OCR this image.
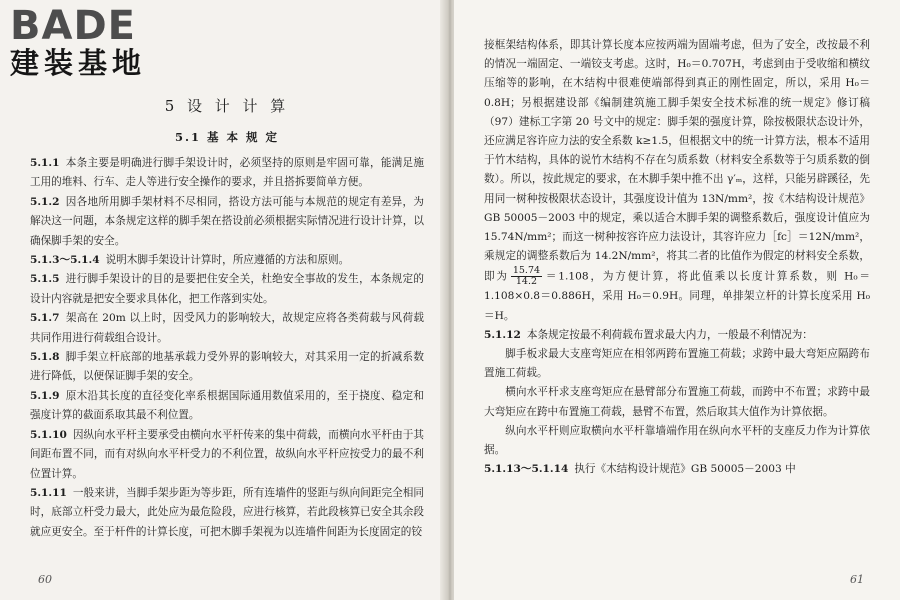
BADE
建装基地
5 设 计 计 算
5.1 基 本 规 定

5.1.1 本条主要是明确进行脚手架设计时，必须坚持的原则是牢固可靠，能满足施工用的堆料、行车、走人等进行安全操作的要求，并且搭拆要简单方便。

5.1.2 因各地所用脚手架材料不尽相同，搭设方法可能与本规范的规定有差异，为解决这一问题，本条规定这样的脚手架在搭设前必须根据实际情况进行设计计算，以确保脚手架的安全。

5.1.3～5.1.4 说明木脚手架设计计算时，所应遵循的方法和原则。

5.1.5 进行脚手架设计的目的是要把住安全关，杜绝安全事故的发生，本条规定的设计内容就是把安全要求具体化，把工作落到实处。

5.1.7 架高在 20m 以上时，因受风力的影响较大，故规定应将各类荷载与风荷载共同作用进行荷载组合设计。

5.1.8 脚手架立杆底部的地基承载力受外界的影响较大，对其采用一定的折减系数进行降低，以便保证脚手架的安全。

5.1.9 原木沿其长度的直径变化率系根据国际通用数值采用的，至于挠度、稳定和强度计算的截面系取其最不利位置。

5.1.10 因纵向水平杆主要承受由横向水平杆传来的集中荷载，而横向水平杆由于其间距布置不同，而有对纵向水平杆受力的不利位置，故纵向水平杆应按受力的最不利位置计算。

5.1.11 一般来讲，当脚手架步距为等步距，所有连墙件的竖距与纵向间距完全相同时，底部立杆受力最大，此处应为最危险段，应进行核算，若此段核算已安全其余段就应更安全。至于杆件的计算长度，可把木脚手架视为以连墙件间距为长度固定的铰

60

接框架结构体系，即其计算长度本应按两端为固端考虑，但为了安全，改按最不利的情况一端固定、一端铰支考虑。这时，H₀＝0.707H，考虑到由于受收缩和横纹压缩等的影响，在木结构中很难使端部得到真正的刚性固定，所以，采用 H₀＝0.8H；另根据建设部《编制建筑施工脚手架安全技术标准的统一规定》修订稿（97）建标工字第 20 号文中的规定：脚手架的强度计算，除按极限状态设计外，还应满足容许应力法的安全系数 k≥1.5，但根据文中的统一计算方法，根本不适用于竹木结构，具体的说竹木结构不存在匀质系数（材料安全系数等于匀质系数的倒数）。所以，按此规定的要求，在木脚手架中推不出 γ′ₘ，这样，只能另辟蹊径，先用同一树种按极限状态设计，其强度设计值为 13N/mm²，按《木结构设计规范》GB 50005－2003 中的规定，乘以适合木脚手架的调整系数后，强度设计值应为 15.74N/mm²；而这一树种按容许应力法设计，其容许应力［fc］＝12N/mm²，乘规定的调整系数后为 14.2N/mm²，将其二者的比值作为假定的材料安全系数，即为 $\frac{15.74}{14.2} =1.108$，为方便计算，将此值乘以长度计算系数，则 H₀＝1.108×0.8＝0.886H，采用 H₀＝0.9H。同理，单排架立杆的计算长度采用 H₀＝H。

5.1.12 本条规定按最不利荷载布置求最大内力，一般最不利情况为：

脚手板求最大支座弯矩应在相邻两跨布置施工荷载；求跨中最大弯矩应隔跨布置施工荷载。

横向水平杆求支座弯矩应在悬臂部分布置施工荷载，而跨中不布置；求跨中最大弯矩应在跨中布置施工荷载，悬臂不布置，然后取其大值作为计算依据。

纵向水平杆则应取横向水平杆靠墙端作用在纵向水平杆的支座反力作为计算依据。

5.1.13～5.1.14 执行《木结构设计规范》GB 50005－2003 中

61
